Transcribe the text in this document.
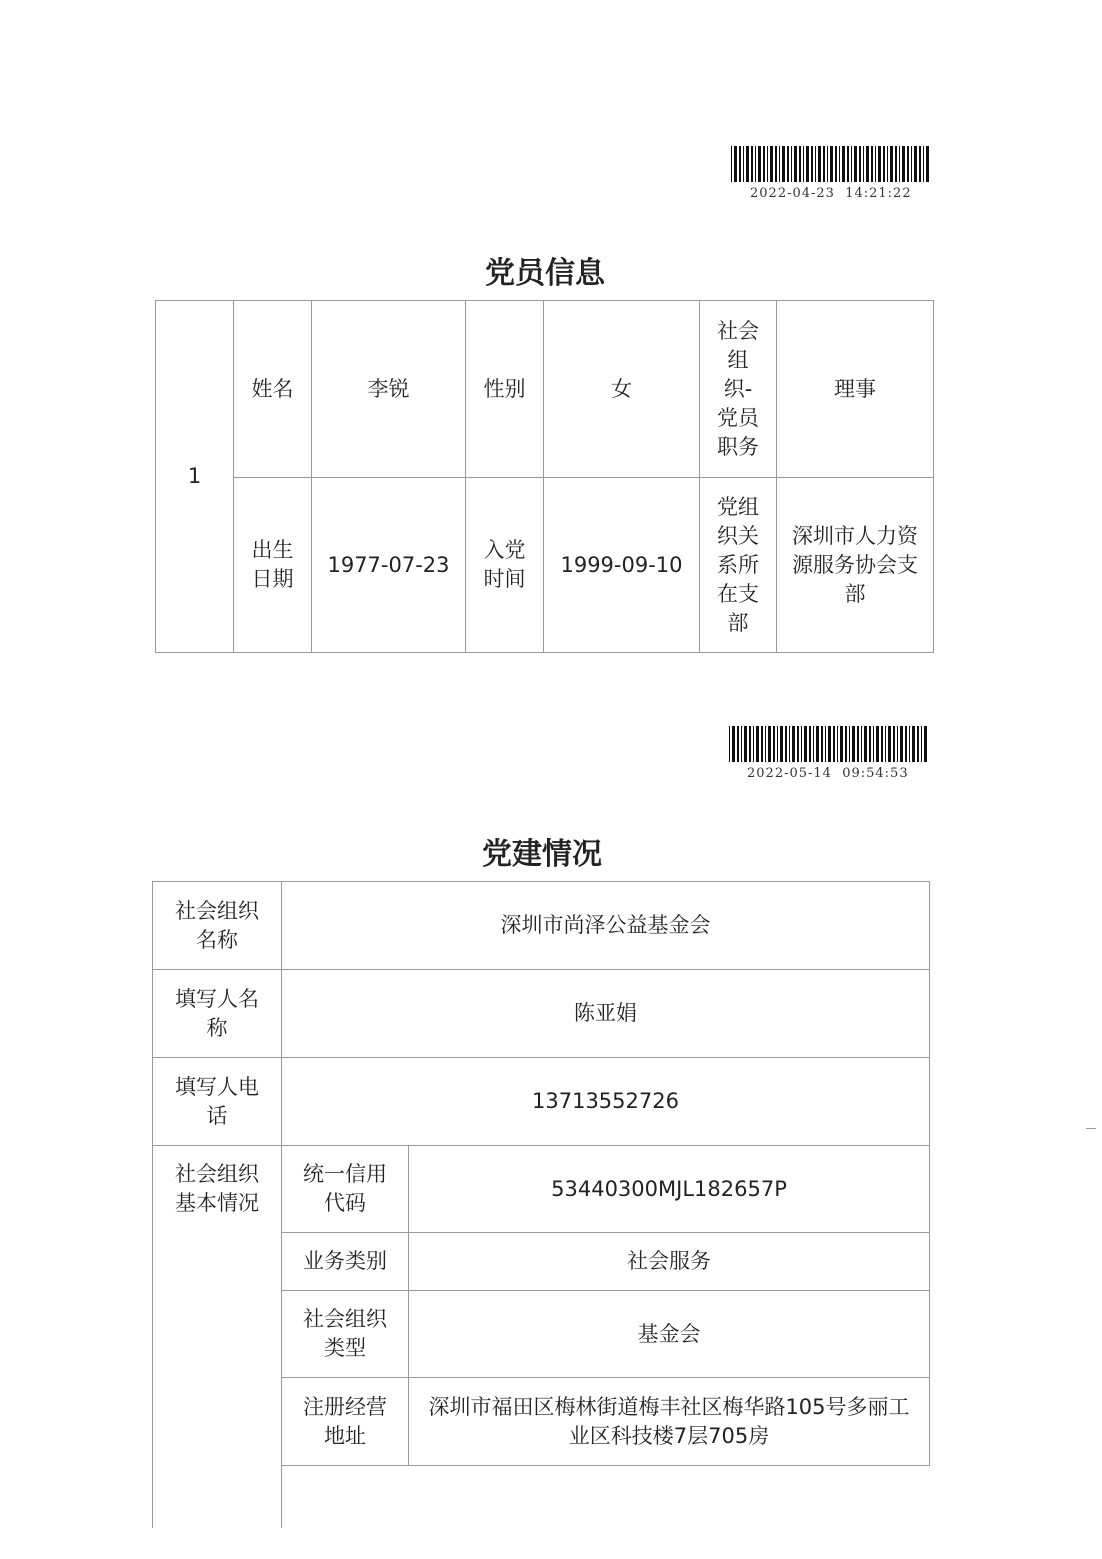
2022-04-23  14:21:22
党员信息
1	姓名	李锐	性别	女	社会
组
织-
党员
职务	理事
	出生
日期	1977-07-23	入党
时间	1999-09-10	党组
织关
系所
在支
部	深圳市人力资
源服务协会支
部
2022-05-14  09:54:53
党建情况
社会组织
名称	深圳市尚泽公益基金会	
填写人名
称	陈亚娟	
填写人电
话	13713552726	
社会组织
基本情况	统一信用
代码	53440300MJL182657P
	业务类别	社会服务
	社会组织
类型	基金会
	注册经营
地址	深圳市福田区梅林街道梅丰社区梅华路105号多丽工
业区科技楼7层705房
